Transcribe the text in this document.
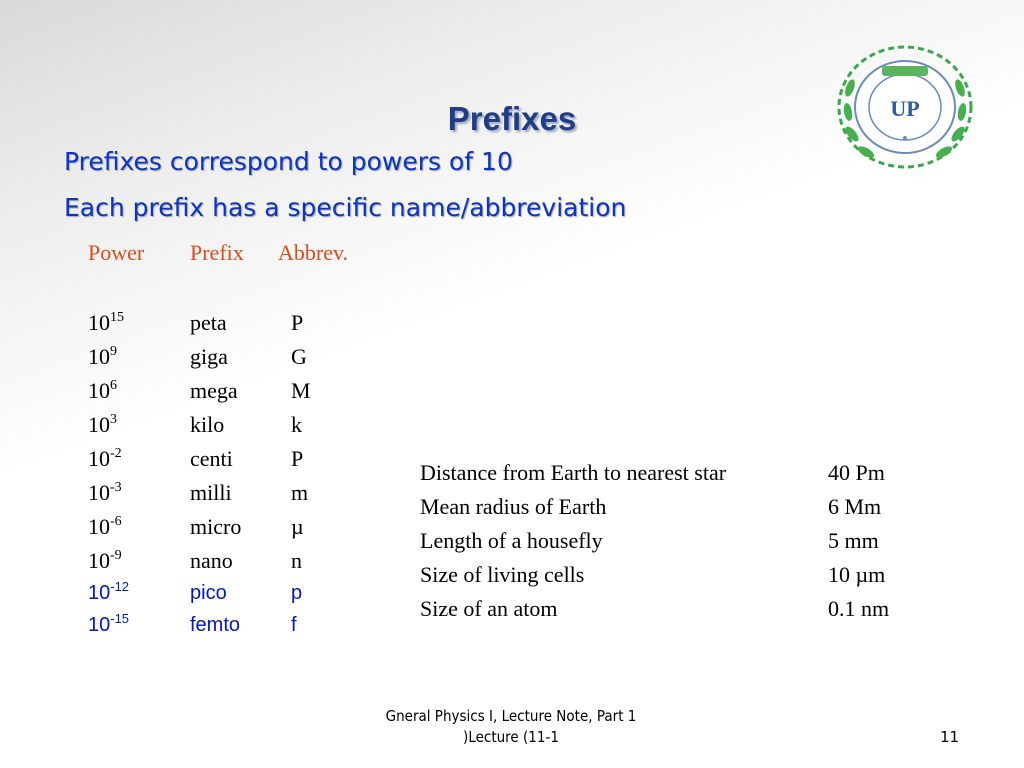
Prefixes
Prefixes correspond to powers of 10
Each prefix has a specific name/abbreviation
UP
Power Prefix Abbrev.
$10^{15}$	peta	P
$10^9$	giga	G
$10^6$	mega M
$10^3$	kilo	k
$10^{-2}$	centi	P
$10^{-3}$	milli	m
$10^{-6}$	micro µ
$10^{-9}$	nano	n
$10^{-12}$	pico	p
$10^{-15}$	femto	f
Distance from Earth to nearest star	40 Pm
Mean radius of Earth	6 Mm
Length of a housefly	5 mm
Size of living cells	10 µm
Size of an atom	0.1 nm
Gneral Physics I, Lecture Note, Part 1
)Lecture (11-1	11
